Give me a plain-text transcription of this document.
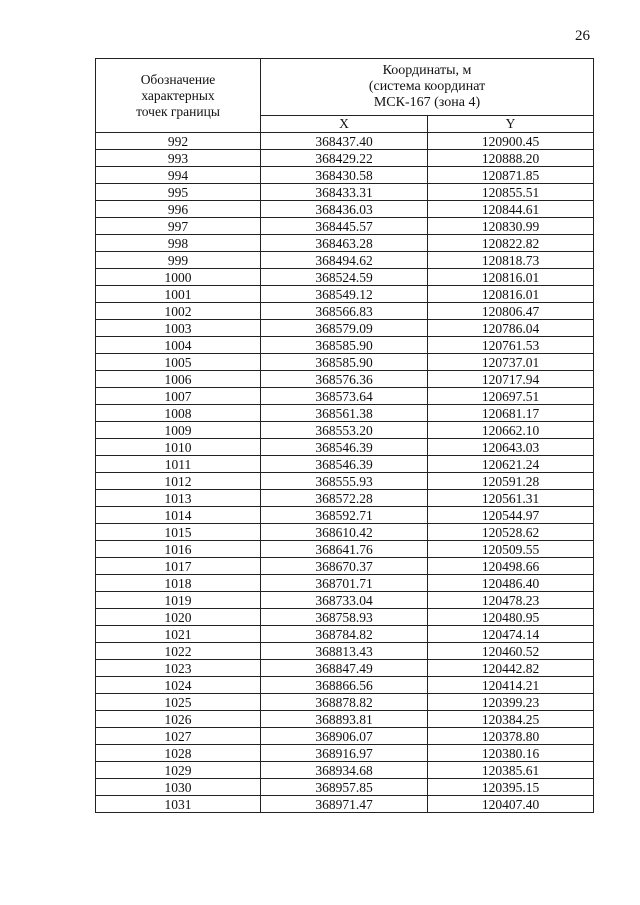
26
Обозначение
характерных
точек границы	Координаты, м
(система координат
МСК-167 (зона 4)	
	X	Y
992	368437.40	120900.45
993	368429.22	120888.20
994	368430.58	120871.85
995	368433.31	120855.51
996	368436.03	120844.61
997	368445.57	120830.99
998	368463.28	120822.82
999	368494.62	120818.73
1000	368524.59	120816.01
1001	368549.12	120816.01
1002	368566.83	120806.47
1003	368579.09	120786.04
1004	368585.90	120761.53
1005	368585.90	120737.01
1006	368576.36	120717.94
1007	368573.64	120697.51
1008	368561.38	120681.17
1009	368553.20	120662.10
1010	368546.39	120643.03
1011	368546.39	120621.24
1012	368555.93	120591.28
1013	368572.28	120561.31
1014	368592.71	120544.97
1015	368610.42	120528.62
1016	368641.76	120509.55
1017	368670.37	120498.66
1018	368701.71	120486.40
1019	368733.04	120478.23
1020	368758.93	120480.95
1021	368784.82	120474.14
1022	368813.43	120460.52
1023	368847.49	120442.82
1024	368866.56	120414.21
1025	368878.82	120399.23
1026	368893.81	120384.25
1027	368906.07	120378.80
1028	368916.97	120380.16
1029	368934.68	120385.61
1030	368957.85	120395.15
1031	368971.47	120407.40
